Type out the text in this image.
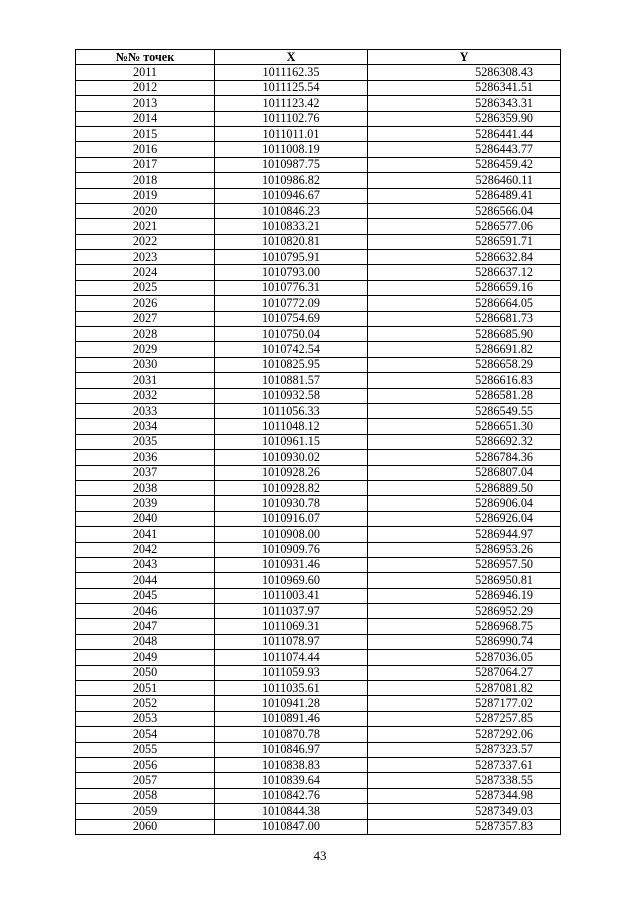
№№ точек	X	Y
2011	1011162.35	5286308.43
2012	1011125.54	5286341.51
2013	1011123.42	5286343.31
2014	1011102.76	5286359.90
2015	1011011.01	5286441.44
2016	1011008.19	5286443.77
2017	1010987.75	5286459.42
2018	1010986.82	5286460.11
2019	1010946.67	5286489.41
2020	1010846.23	5286566.04
2021	1010833.21	5286577.06
2022	1010820.81	5286591.71
2023	1010795.91	5286632.84
2024	1010793.00	5286637.12
2025	1010776.31	5286659.16
2026	1010772.09	5286664.05
2027	1010754.69	5286681.73
2028	1010750.04	5286685.90
2029	1010742.54	5286691.82
2030	1010825.95	5286658.29
2031	1010881.57	5286616.83
2032	1010932.58	5286581.28
2033	1011056.33	5286549.55
2034	1011048.12	5286651.30
2035	1010961.15	5286692.32
2036	1010930.02	5286784.36
2037	1010928.26	5286807.04
2038	1010928.82	5286889.50
2039	1010930.78	5286906.04
2040	1010916.07	5286926.04
2041	1010908.00	5286944.97
2042	1010909.76	5286953.26
2043	1010931.46	5286957.50
2044	1010969.60	5286950.81
2045	1011003.41	5286946.19
2046	1011037.97	5286952.29
2047	1011069.31	5286968.75
2048	1011078.97	5286990.74
2049	1011074.44	5287036.05
2050	1011059.93	5287064.27
2051	1011035.61	5287081.82
2052	1010941.28	5287177.02
2053	1010891.46	5287257.85
2054	1010870.78	5287292.06
2055	1010846.97	5287323.57
2056	1010838.83	5287337.61
2057	1010839.64	5287338.55
2058	1010842.76	5287344.98
2059	1010844.38	5287349.03
2060	1010847.00	5287357.83
43
